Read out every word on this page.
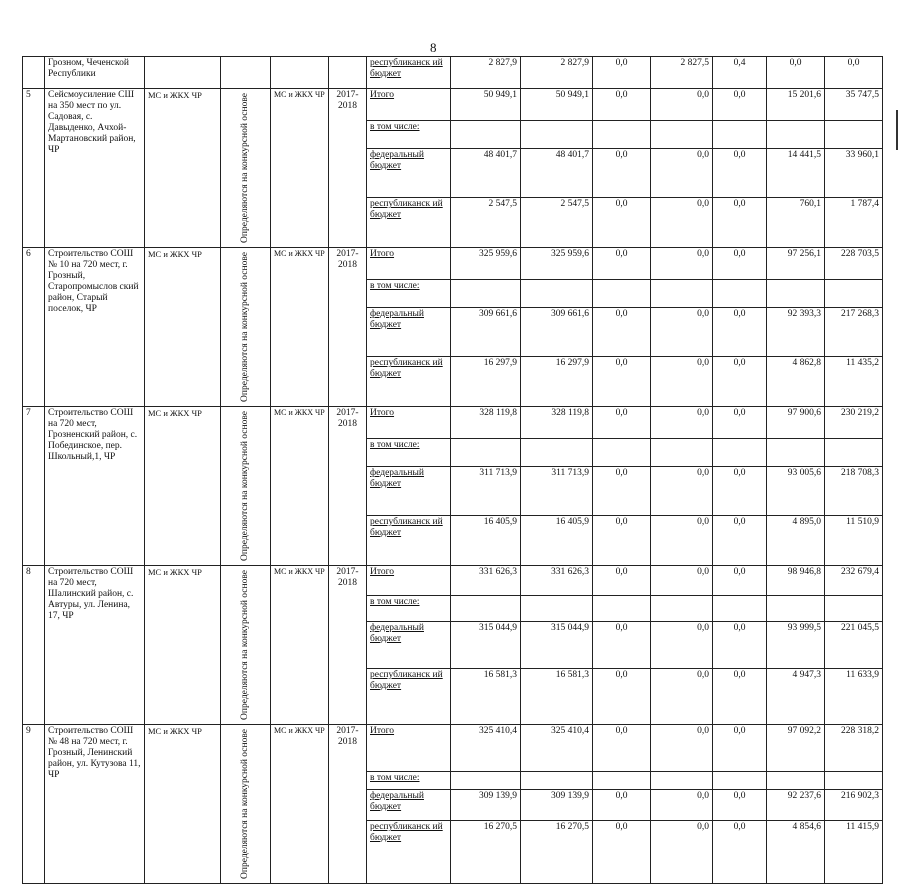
8
	Грозном, Чеченской Республики					республиканск ий бюджет	2 827,9	2 827,9	0,0	2 827,5	0,4	0,0	0,0
5	Сейсмоусиление СШ на 350 мест по ул. Садовая, с. Давыденко, Ачхой-Мартановский район, ЧР	МС и ЖКХ ЧР	Определяются на конкурсной основе	МС и ЖКХ ЧР	2017-2018	Итого	50 949,1	50 949,1	0,0	0,0	0,0	15 201,6	35 747,5
						в том числе:							
						федеральный бюджет	48 401,7	48 401,7	0,0	0,0	0,0	14 441,5	33 960,1
						республиканск ий бюджет	2 547,5	2 547,5	0,0	0,0	0,0	760,1	1 787,4
6	Строительство СОШ № 10 на 720 мест, г. Грозный, Старопромыслов ский район, Старый поселок, ЧР	МС и ЖКХ ЧР	Определяются на конкурсной основе	МС и ЖКХ ЧР	2017-2018	Итого	325 959,6	325 959,6	0,0	0,0	0,0	97 256,1	228 703,5
						в том числе:							
						федеральный бюджет	309 661,6	309 661,6	0,0	0,0	0,0	92 393,3	217 268,3
						республиканск ий бюджет	16 297,9	16 297,9	0,0	0,0	0,0	4 862,8	11 435,2
7	Строительство СОШ на 720 мест, Грозненский район, с. Побединское, пер. Школьный,1, ЧР	МС и ЖКХ ЧР	Определяются на конкурсной основе	МС и ЖКХ ЧР	2017-2018	Итого	328 119,8	328 119,8	0,0	0,0	0,0	97 900,6	230 219,2
						в том числе:							
						федеральный бюджет	311 713,9	311 713,9	0,0	0,0	0,0	93 005,6	218 708,3
						республиканск ий бюджет	16 405,9	16 405,9	0,0	0,0	0,0	4 895,0	11 510,9
8	Строительство СОШ на 720 мест, Шалинский район, с. Автуры, ул. Ленина, 17, ЧР	МС и ЖКХ ЧР	Определяются на конкурсной основе	МС и ЖКХ ЧР	2017-2018	Итого	331 626,3	331 626,3	0,0	0,0	0,0	98 946,8	232 679,4
						в том числе:							
						федеральный бюджет	315 044,9	315 044,9	0,0	0,0	0,0	93 999,5	221 045,5
						республиканск ий бюджет	16 581,3	16 581,3	0,0	0,0	0,0	4 947,3	11 633,9
9	Строительство СОШ № 48 на 720 мест, г. Грозный, Ленинский район, ул. Кутузова 11, ЧР	МС и ЖКХ ЧР	Определяются на конкурсной основе	МС и ЖКХ ЧР	2017-2018	Итого	325 410,4	325 410,4	0,0	0,0	0,0	97 092,2	228 318,2
						в том числе:							
						федеральный бюджет	309 139,9	309 139,9	0,0	0,0	0,0	92 237,6	216 902,3
						республиканск ий бюджет	16 270,5	16 270,5	0,0	0,0	0,0	4 854,6	11 415,9
